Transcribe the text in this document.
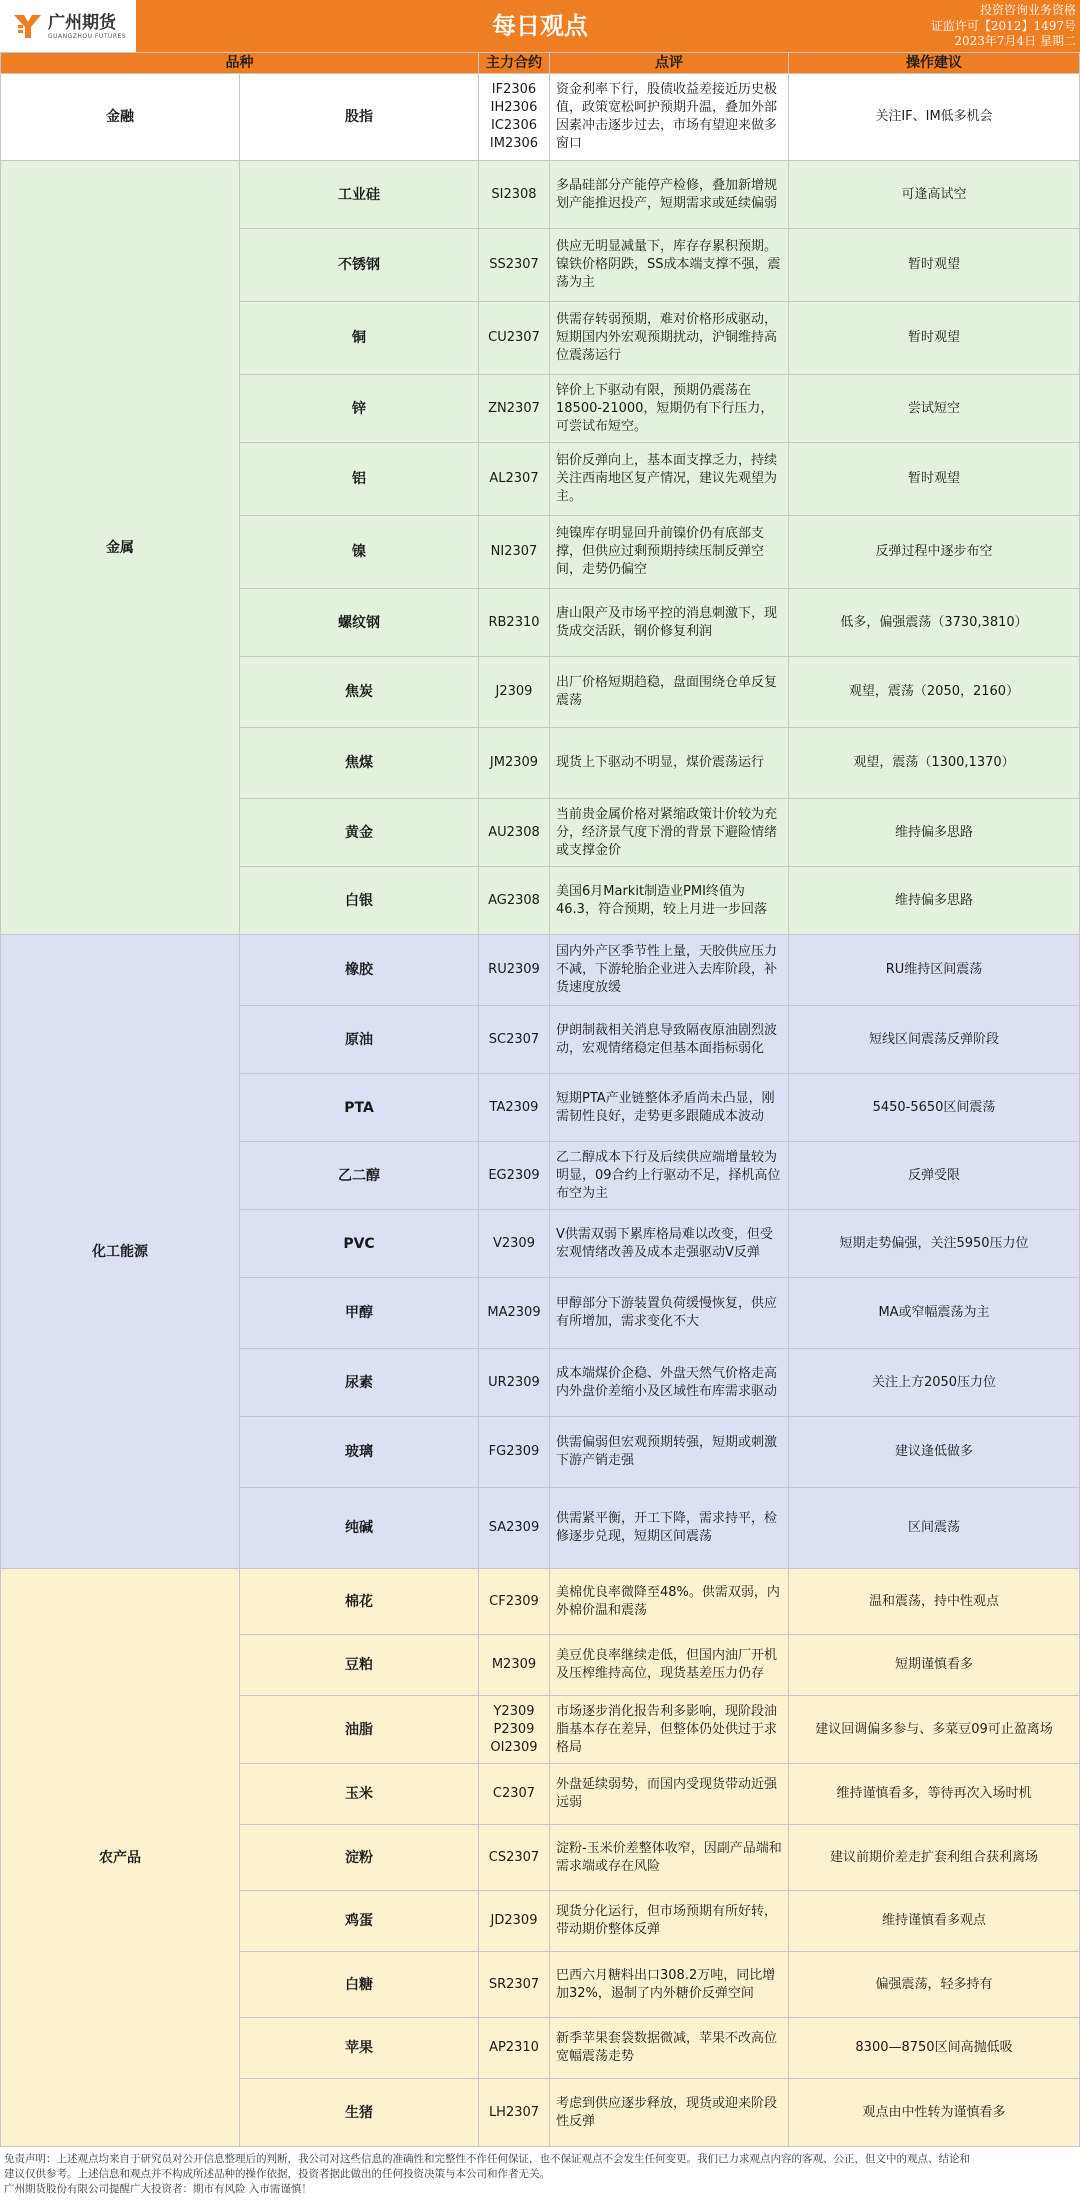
广州期货
GUANGZHOU FUTURES	每日观点
投资咨询业务资格
证监许可【2012】1497号
2023年7月4日 星期二
品种		主力合约	点评	操作建议
金融	股指	IF2306
IH2306
IC2306
IM2306	资金利率下行，股债收益差接近历史极值，政策宽松呵护预期升温，叠加外部因素冲击逐步过去，市场有望迎来做多窗口	关注IF、IM低多机会
金属	工业硅	SI2308	多晶硅部分产能停产检修，叠加新增规划产能推迟投产，短期需求或延续偏弱	可逢高试空
	不锈钢	SS2307	供应无明显减量下，库存存累积预期。镍铁价格阴跌，SS成本端支撑不强，震荡为主	暂时观望
	铜	CU2307	供需存转弱预期，难对价格形成驱动，短期国内外宏观预期扰动，沪铜维持高位震荡运行	暂时观望
	锌	ZN2307	锌价上下驱动有限，预期仍震荡在18500-21000，短期仍有下行压力，可尝试布短空。	尝试短空
	铝	AL2307	铝价反弹向上，基本面支撑乏力，持续关注西南地区复产情况，建议先观望为主。	暂时观望
	镍	NI2307	纯镍库存明显回升前镍价仍有底部支撑，但供应过剩预期持续压制反弹空间，走势仍偏空	反弹过程中逐步布空
	螺纹钢	RB2310	唐山限产及市场平控的消息刺激下，现货成交活跃，钢价修复利润	低多，偏强震荡（3730,3810）
	焦炭	J2309	出厂价格短期趋稳，盘面围绕仓单反复震荡	观望，震荡（2050，2160）
	焦煤	JM2309	现货上下驱动不明显，煤价震荡运行	观望，震荡（1300,1370）
	黄金	AU2308	当前贵金属价格对紧缩政策计价较为充分，经济景气度下滑的背景下避险情绪或支撑金价	维持偏多思路
	白银	AG2308	美国6月Markit制造业PMI终值为46.3，符合预期，较上月进一步回落	维持偏多思路
化工能源	橡胶	RU2309	国内外产区季节性上量，天胶供应压力不减，下游轮胎企业进入去库阶段，补货速度放缓	RU维持区间震荡
	原油	SC2307	伊朗制裁相关消息导致隔夜原油剧烈波动，宏观情绪稳定但基本面指标弱化	短线区间震荡反弹阶段
	PTA	TA2309	短期PTA产业链整体矛盾尚未凸显，刚需韧性良好，走势更多跟随成本波动	5450-5650区间震荡
	乙二醇	EG2309	乙二醇成本下行及后续供应端增量较为明显，09合约上行驱动不足，择机高位布空为主	反弹受限
	PVC	V2309	V供需双弱下累库格局难以改变，但受宏观情绪改善及成本走强驱动V反弹	短期走势偏强，关注5950压力位
	甲醇	MA2309	甲醇部分下游装置负荷缓慢恢复，供应有所增加，需求变化不大	MA或窄幅震荡为主
	尿素	UR2309	成本端煤价企稳、外盘天然气价格走高内外盘价差缩小及区域性布库需求驱动	关注上方2050压力位
	玻璃	FG2309	供需偏弱但宏观预期转强，短期或刺激下游产销走强	建议逢低做多
	纯碱	SA2309	供需紧平衡，开工下降，需求持平，检修逐步兑现，短期区间震荡	区间震荡
农产品	棉花	CF2309	美棉优良率微降至48%。供需双弱，内外棉价温和震荡	温和震荡，持中性观点
	豆粕	M2309	美豆优良率继续走低，但国内油厂开机及压榨维持高位，现货基差压力仍存	短期谨慎看多
	油脂	Y2309
P2309
OI2309	市场逐步消化报告利多影响，现阶段油脂基本存在差异，但整体仍处供过于求格局	建议回调偏多参与、多菜豆09可止盈离场
	玉米	C2307	外盘延续弱势，而国内受现货带动近强远弱	维持谨慎看多，等待再次入场时机
	淀粉	CS2307	淀粉-玉米价差整体收窄，因副产品端和需求端或存在风险	建议前期价差走扩套利组合获利离场
	鸡蛋	JD2309	现货分化运行，但市场预期有所好转，带动期价整体反弹	维持谨慎看多观点
	白糖	SR2307	巴西六月糖料出口308.2万吨，同比增加32%，遏制了内外糖价反弹空间	偏强震荡，轻多持有
	苹果	AP2310	新季苹果套袋数据微减，苹果不改高位宽幅震荡走势	8300—8750区间高抛低吸
	生猪	LH2307	考虑到供应逐步释放，现货或迎来阶段性反弹	观点由中性转为谨慎看多
免责声明：上述观点均来自于研究员对公开信息整理后的判断，我公司对这些信息的准确性和完整性不作任何保证，也不保证观点不会发生任何变更。我们已力求观点内容的客观、公正，但文中的观点、结论和
建议仅供参考。上述信息和观点并不构成所述品种的操作依据，投资者据此做出的任何投资决策与本公司和作者无关。
广州期货股份有限公司提醒广大投资者：期市有风险 入市需谨慎！
